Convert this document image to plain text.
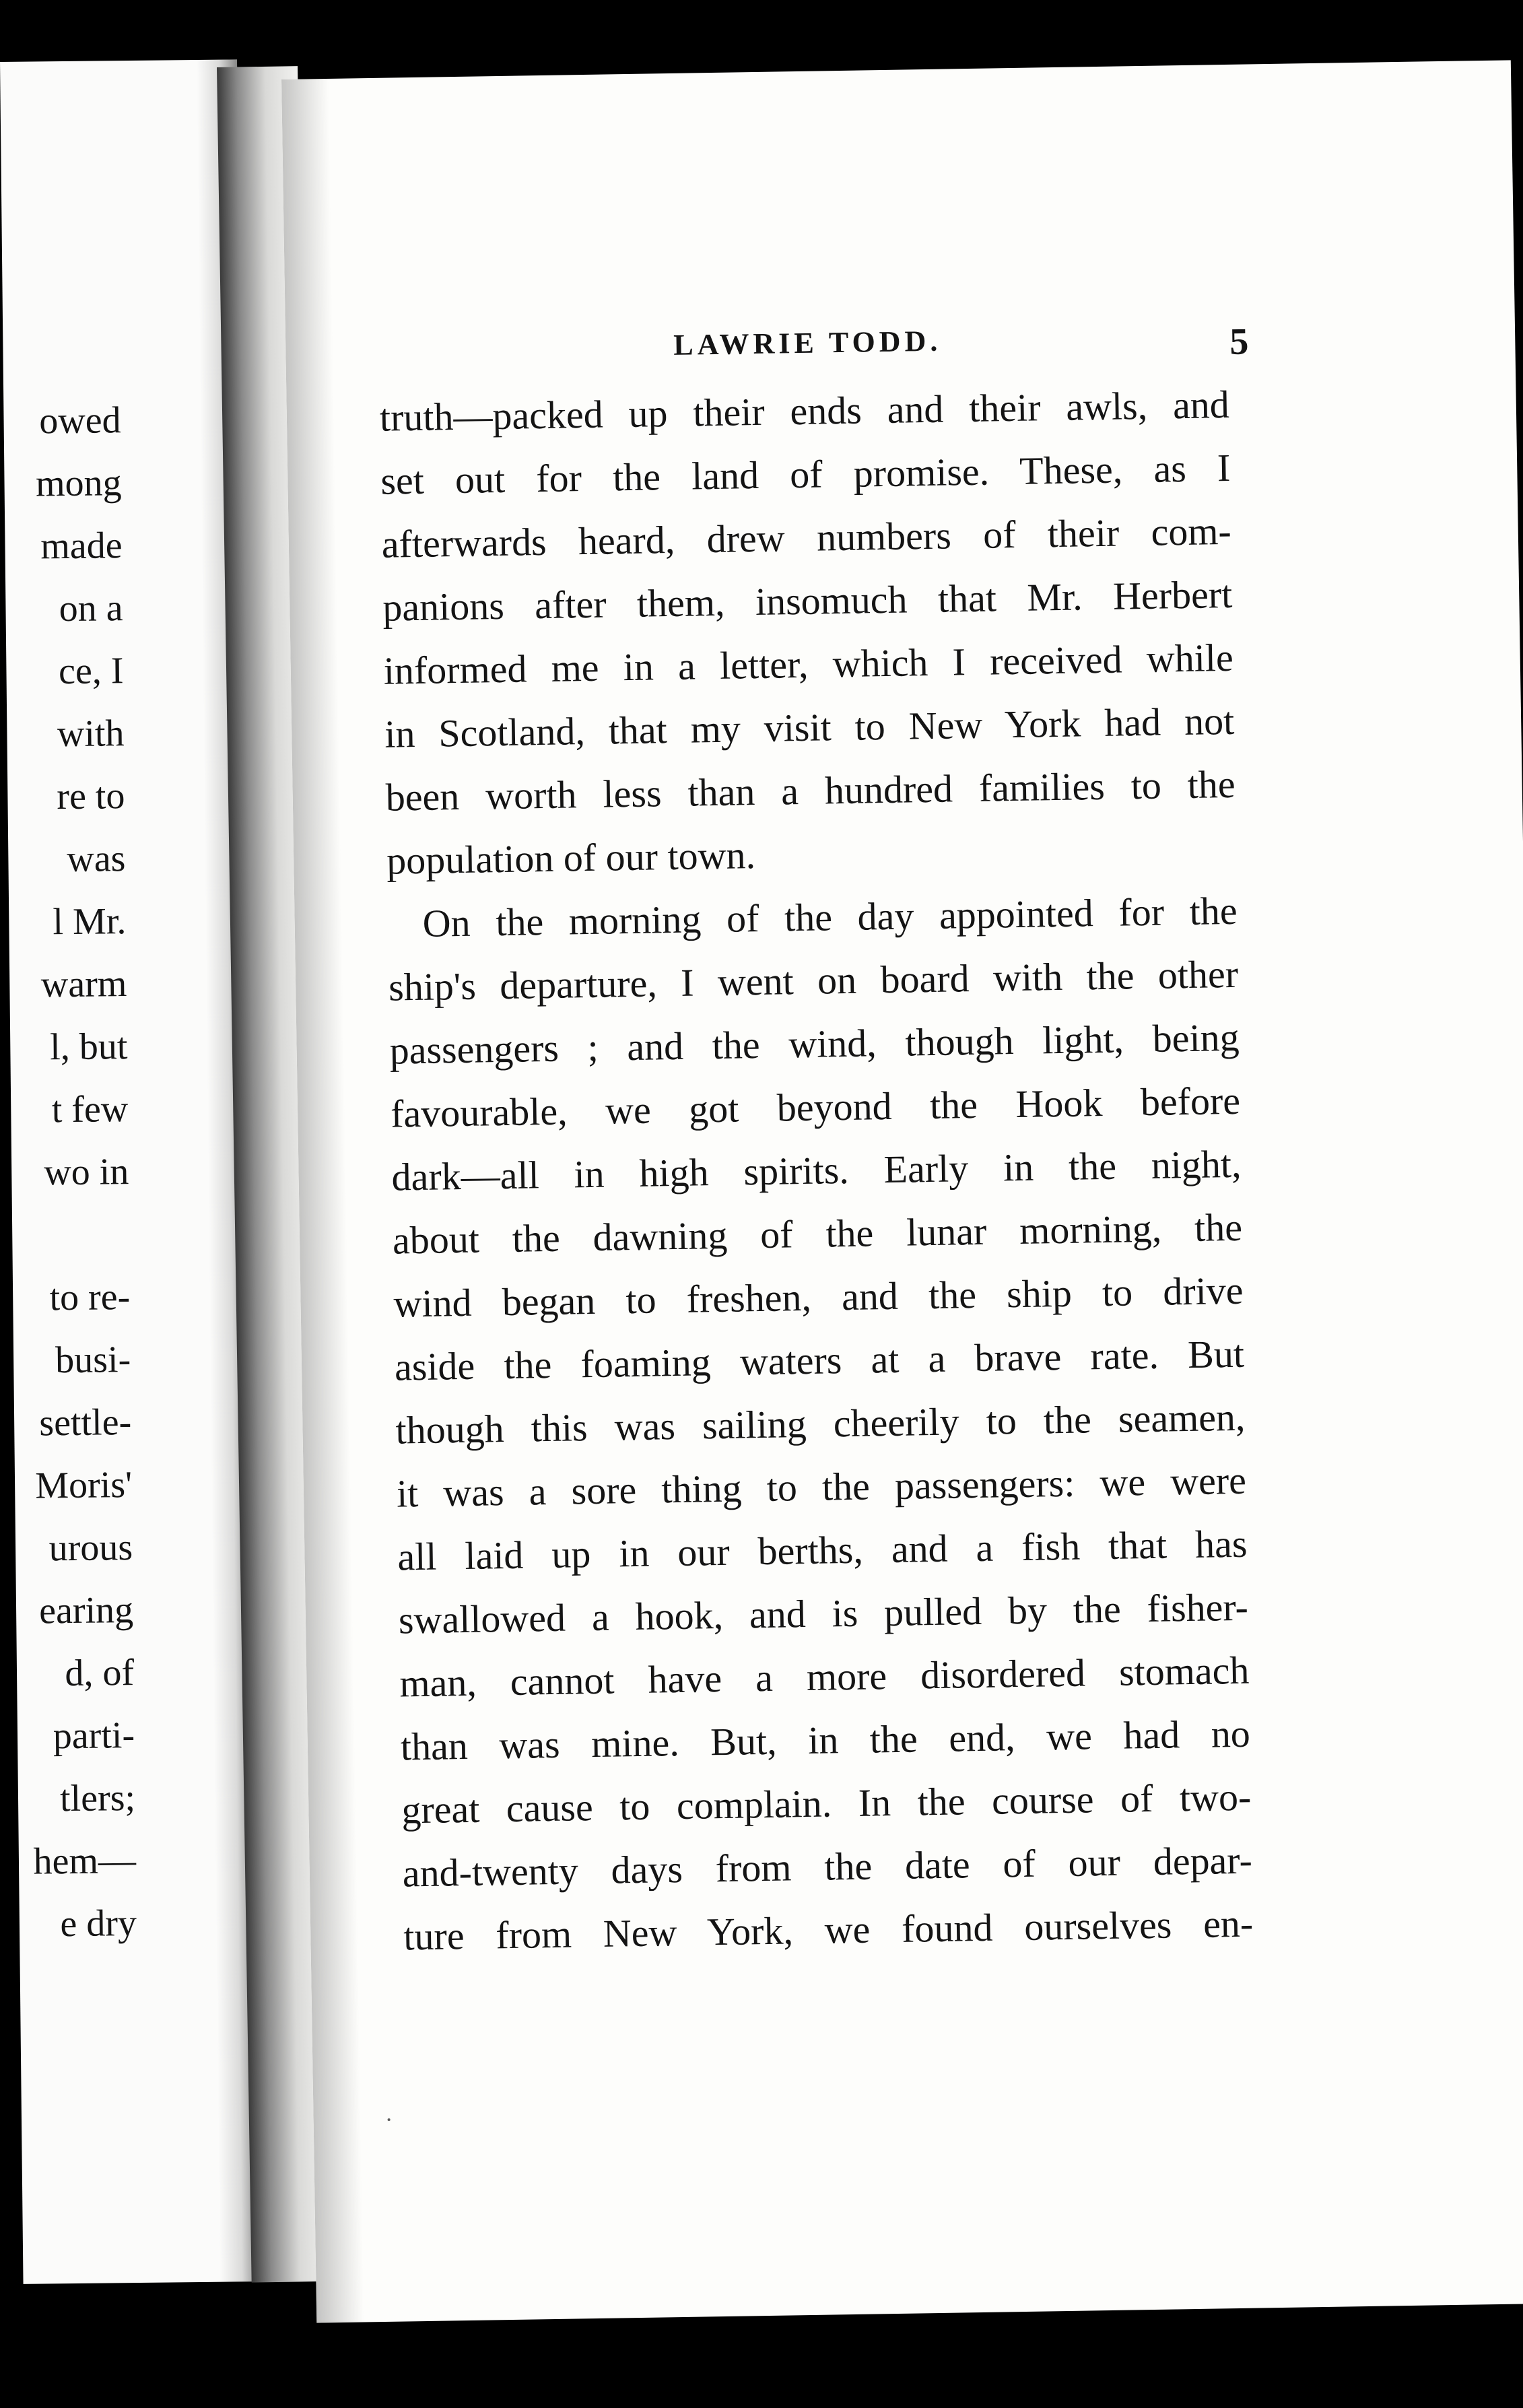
owed
mong
made
on a
ce, I
with
re to
was
l Mr.
warm
l, but
t few
wo in
to re-
busi-
settle-
Moris'
urous
earing
d, of
parti-
tlers;
hem—
e dry
LAWRIE TODD.	5
truth—packed up their ends and their awls, and
set out for the land of promise. These, as I
afterwards heard, drew numbers of their com-
panions after them, insomuch that Mr. Herbert
informed me in a letter, which I received while
in Scotland, that my visit to New York had not
been worth less than a hundred families to the
population of our town.
On the morning of the day appointed for the
ship's departure, I went on board with the other
passengers ; and the wind, though light, being
favourable, we got beyond the Hook before
dark—all in high spirits. Early in the night,
about the dawning of the lunar morning, the
wind began to freshen, and the ship to drive
aside the foaming waters at a brave rate. But
though this was sailing cheerily to the seamen,
it was a sore thing to the passengers: we were
all laid up in our berths, and a fish that has
swallowed a hook, and is pulled by the fisher-
man, cannot have a more disordered stomach
than was mine. But, in the end, we had no
great cause to complain. In the course of two-
and-twenty days from the date of our depar-
ture from New York, we found ourselves en-
